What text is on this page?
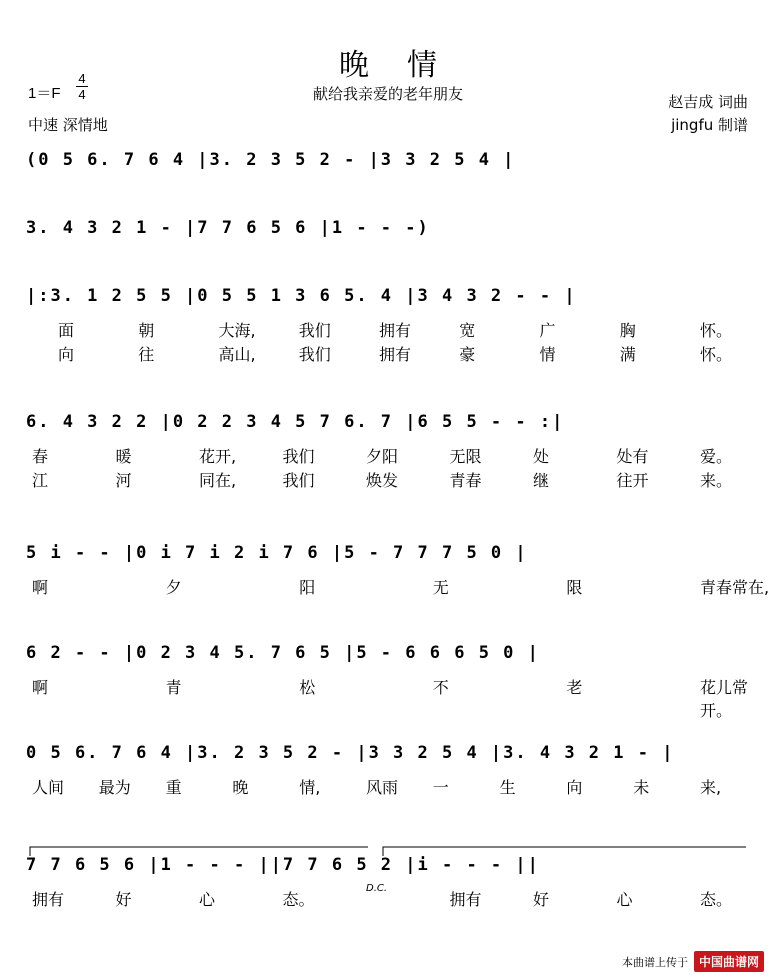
晚情
献给我亲爱的老年朋友
1＝F
4
4
中速 深情地
赵吉成 词曲
jingfu 制谱
(0 5 6. 7 6 4 |3. 2 3 5 2 - |3 3 2 5 4 |
3. 4 3 2 1 - |7 7 6 5 6 |1 - - -)
|:3. 1 2 5 5 |0 5 5 1 3 6 5. 4 |3 4 3 2 - - |
面	朝	大海,	我们	拥有	宽	广	胸	怀。
向	往	高山,	我们	拥有	豪	情	满	怀。
6. 4 3 2 2 |0 2 2 3 4 5 7 6. 7 |6 5 5 - - :|
春	暖	花开,	我们	夕阳	无限	处	处有	爱。
江	河	同在,	我们	焕发	青春	继	往开	来。
5 i - - |0 i 7 i 2 i 7 6 |5 - 7 7 7 5 0 |
啊	夕	阳	无	限	青春常在,
6 2 - - |0 2 3 4 5. 7 6 5 |5 - 6 6 6 5 0 |
啊	青	松	不	老	花儿常开。
0 5 6. 7 6 4 |3. 2 3 5 2 - |3 3 2 5 4 |3. 4 3 2 1 - |
人间 最为 重	晚	情,	风雨 一	生	向	未	来,
7 7 6 5 6 |1 - - - ||7 7 6 5 2 |i - - - ||
拥有	好	心	态。
D.C.
拥有	好	心	态。
本曲谱上传于 中国曲谱网
